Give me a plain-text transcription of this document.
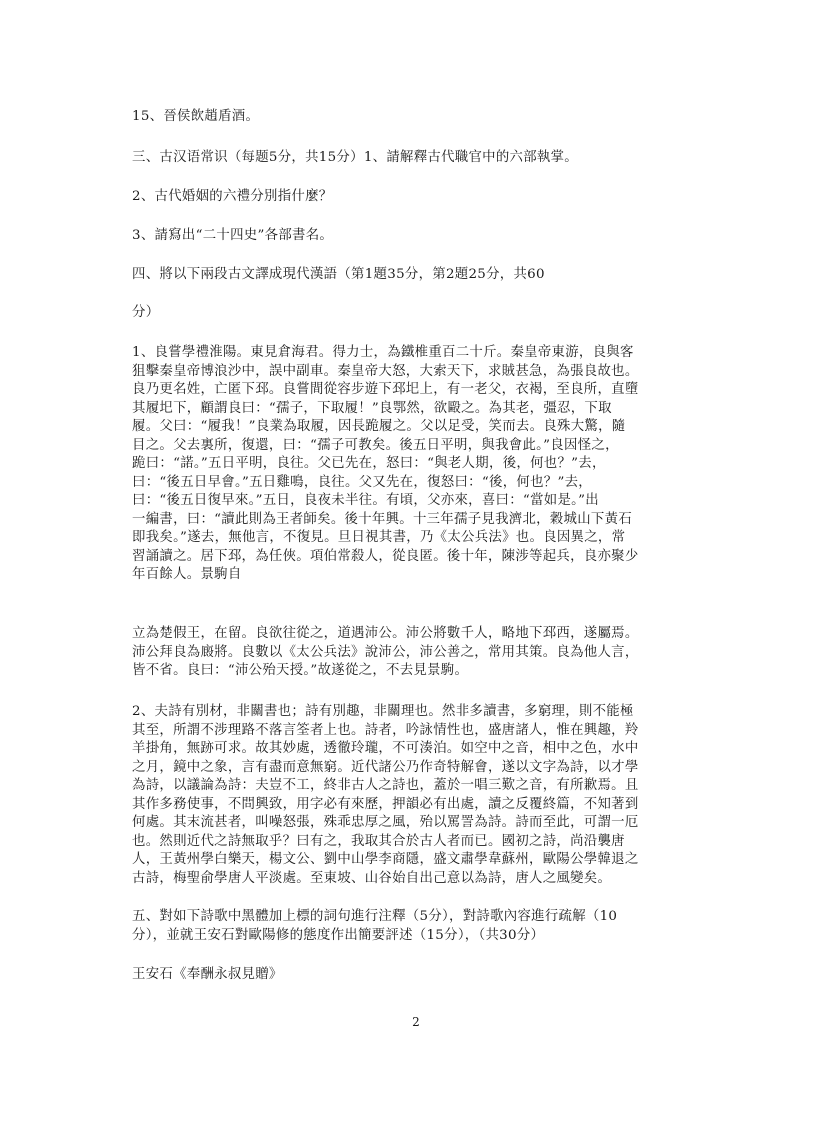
15、晉侯飲趙盾酒。
三、古汉语常识（每题5分，共15分）1、請解釋古代職官中的六部執掌。
2、古代婚姻的六禮分別指什麼？
3、請寫出“二十四史”各部書名。
四、將以下兩段古文譯成現代漢語（第1題35分，第2題25分，共60
分）
1、良嘗學禮淮陽。東見倉海君。得力士，為鐵椎重百二十斤。秦皇帝東游，良與客
狙擊秦皇帝博浪沙中，誤中副車。秦皇帝大怒，大索天下，求賊甚急，為張良故也。
良乃更名姓，亡匿下邳。良嘗間從容步遊下邳圯上，有一老父，衣褐，至良所，直墮
其履圯下，顧謂良曰：“孺子，下取履！”良鄂然，欲毆之。為其老，彊忍，下取
履。父曰：“履我！”良業為取履，因長跪履之。父以足受，笑而去。良殊大驚，隨
目之。父去裏所，復還，曰：“孺子可教矣。後五日平明，與我會此。”良因怪之，
跪曰：“諾。”五日平明，良往。父已先在，怒曰：“與老人期，後，何也？”去，
曰：“後五日早會。”五日雞鳴，良往。父又先在，復怒曰：“後，何也？”去，
曰：“後五日復早來。”五日，良夜未半往。有頃，父亦來，喜曰：“當如是。”出
一編書，曰：“讀此則為王者師矣。後十年興。十三年孺子見我濟北，穀城山下黃石
即我矣。”遂去，無他言，不復見。旦日視其書，乃《太公兵法》也。良因異之，常
習誦讀之。居下邳，為任俠。項伯常殺人，從良匿。後十年，陳涉等起兵，良亦聚少
年百餘人。景駒自
立為楚假王，在留。良欲往從之，道遇沛公。沛公將數千人，略地下邳西，遂屬焉。
沛公拜良為廄將。良數以《太公兵法》說沛公，沛公善之，常用其策。良為他人言，
皆不省。良曰：“沛公殆天授。”故遂從之，不去見景駒。
2、夫詩有別材，非關書也；詩有別趣，非關理也。然非多讀書，多窮理，則不能極
其至，所謂不涉理路不落言筌者上也。詩者，吟詠情性也，盛唐諸人，惟在興趣，羚
羊掛角，無跡可求。故其妙處，透徹玲瓏，不可湊泊。如空中之音，相中之色，水中
之月，鏡中之象，言有盡而意無窮。近代諸公乃作奇特解會，遂以文字為詩，以才學
為詩，以議論為詩：夫豈不工，終非古人之詩也，蓋於一唱三歎之音，有所歉焉。且
其作多務使事，不問興致，用字必有來歷，押韻必有出處，讀之反覆終篇，不知著到
何處。其末流甚者，叫噪怒張，殊乖忠厚之風，殆以罵詈為詩。詩而至此，可謂一厄
也。然則近代之詩無取乎？曰有之，我取其合於古人者而已。國初之詩，尚沿襲唐
人，王黃州學白樂天，楊文公、劉中山學李商隱，盛文肅學韋蘇州，歐陽公學韓退之
古詩，梅聖俞學唐人平淡處。至東坡、山谷始自出己意以為詩，唐人之風變矣。
五、對如下詩歌中黑體加上標的詞句進行注釋（5分），對詩歌內容進行疏解（10
分），並就王安石對歐陽修的態度作出簡要評述（15分），（共30分）
王安石《奉酬永叔見贈》
2
